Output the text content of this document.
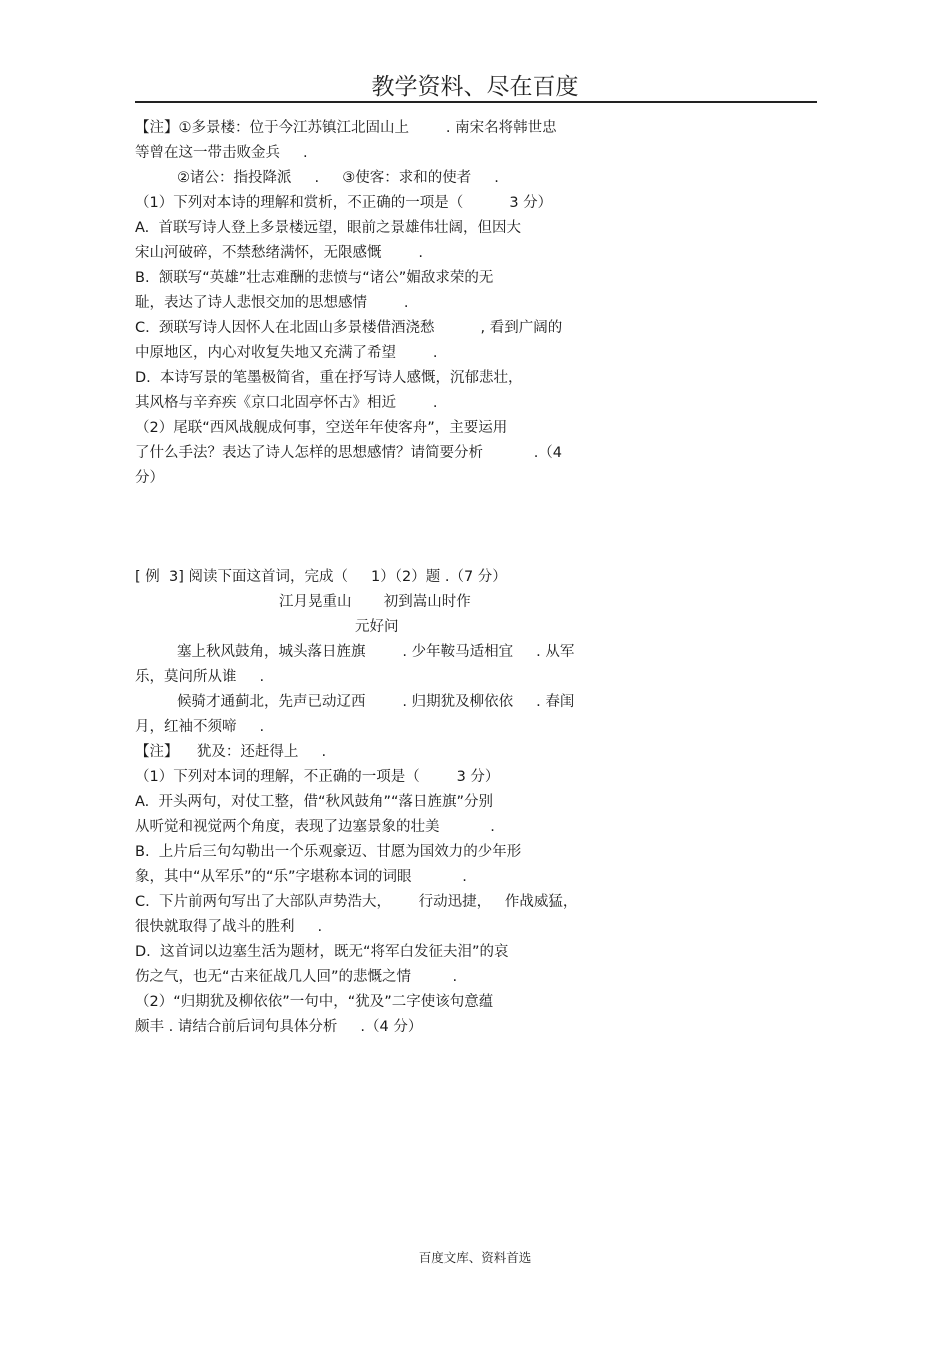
教学资料、尽在百度
【注】①多景楼：位于今江苏镇江北固山上        . 南宋名将韩世忠
等曾在这一带击败金兵     .
②诸公：指投降派     .     ③使客：求和的使者     .
（1）下列对本诗的理解和赏析，不正确的一项是（          3 分）
A.  首联写诗人登上多景楼远望，眼前之景雄伟壮阔，但因大
宋山河破碎，不禁愁绪满怀，无限感慨        .
B.  颔联写“英雄”壮志难酬的悲愤与“诸公”媚敌求荣的无
耻，表达了诗人悲恨交加的思想感情        .
C.  颈联写诗人因怀人在北固山多景楼借酒浇愁          , 看到广阔的
中原地区，内心对收复失地又充满了希望        .
D.  本诗写景的笔墨极简省，重在抒写诗人感慨，沉郁悲壮，
其风格与辛弃疾《京口北固亭怀古》相近        .
（2）尾联“西风战舰成何事，空送年年使客舟”，主要运用
了什么手法？表达了诗人怎样的思想感情？请简要分析           .（4
分）
[ 例  3] 阅读下面这首词，完成（     1）（2）题 .（7 分）
江月晃重山       初到嵩山时作
元好问
塞上秋风鼓角，城头落日旌旗        . 少年鞍马适相宜     . 从军
乐，莫问所从谁     .
候骑才通蓟北，先声已动辽西        . 归期犹及柳依依     . 春闺
月，红袖不须啼     .
【注】    犹及：还赶得上     .
（1）下列对本词的理解，不正确的一项是（        3 分）
A.  开头两句，对仗工整，借“秋风鼓角”“落日旌旗”分别
从听觉和视觉两个角度，表现了边塞景象的壮美           .
B.  上片后三句勾勒出一个乐观豪迈、甘愿为国效力的少年形
象，其中“从军乐”的“乐”字堪称本词的词眼           .
C.  下片前两句写出了大部队声势浩大，      行动迅捷，   作战威猛，
很快就取得了战斗的胜利     .
D.  这首词以边塞生活为题材，既无“将军白发征夫泪”的哀
伤之气，也无“古来征战几人回”的悲慨之情         .
（2）“归期犹及柳依依”一句中，“犹及”二字使该句意蕴
颇丰 . 请结合前后词句具体分析     .（4 分）
百度文库、资料首选
